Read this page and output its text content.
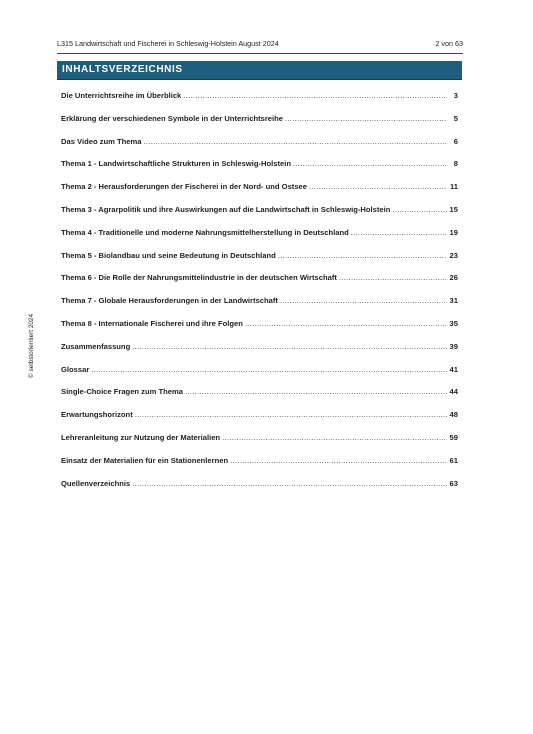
L315 Landwirtschaft und Fischerei in Schleswig-Holstein August 2024	2 von 63
INHALTSVERZEICHNIS
Die Unterrichtsreihe im Überblick .....	3
Erklärung der verschiedenen Symbole in der Unterrichtsreihe .....	5
Das Video zum Thema .....	6
Thema 1 - Landwirtschaftliche Strukturen in Schleswig-Holstein .....	8
Thema 2 - Herausforderungen der Fischerei in der Nord- und Ostsee .....	11
Thema 3 - Agrarpolitik und ihre Auswirkungen auf die Landwirtschaft in Schleswig-Holstein .....	15
Thema 4 - Traditionelle und moderne Nahrungsmittelherstellung in Deutschland .....	19
Thema 5 - Biolandbau und seine Bedeutung in Deutschland .....	23
Thema 6 - Die Rolle der Nahrungsmittelindustrie in der deutschen Wirtschaft .....	26
Thema 7 - Globale Herausforderungen in der Landwirtschaft .....	31
Thema 8 - Internationale Fischerei und ihre Folgen .....	35
Zusammenfassung .....	39
Glossar .....	41
Single-Choice Fragen zum Thema .....	44
Erwartungshorizont .....	48
Lehreranleitung zur Nutzung der Materialien .....	59
Einsatz der Materialien für ein Stationenlernen .....	61
Quellenverzeichnis .....	63
© selbstorientiert 2024
